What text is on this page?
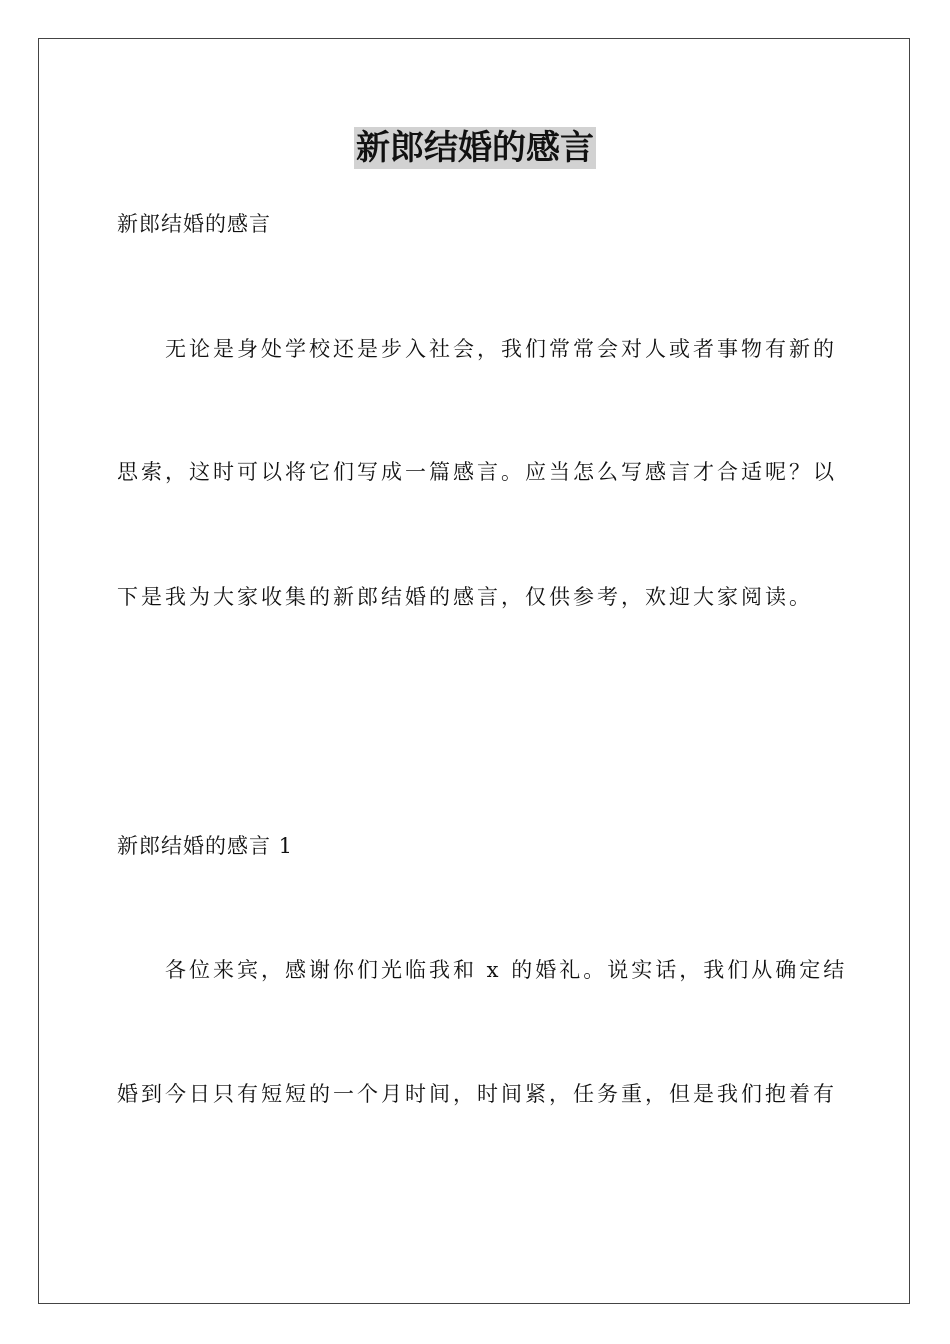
新郎结婚的感言
新郎结婚的感言
　　无论是身处学校还是步入社会，我们常常会对人或者事物有新的
思索，这时可以将它们写成一篇感言。应当怎么写感言才合适呢？以
下是我为大家收集的新郎结婚的感言，仅供参考，欢迎大家阅读。
新郎结婚的感言 1
　　各位来宾，感谢你们光临我和 x 的婚礼。说实话，我们从确定结
婚到今日只有短短的一个月时间，时间紧，任务重，但是我们抱着有
